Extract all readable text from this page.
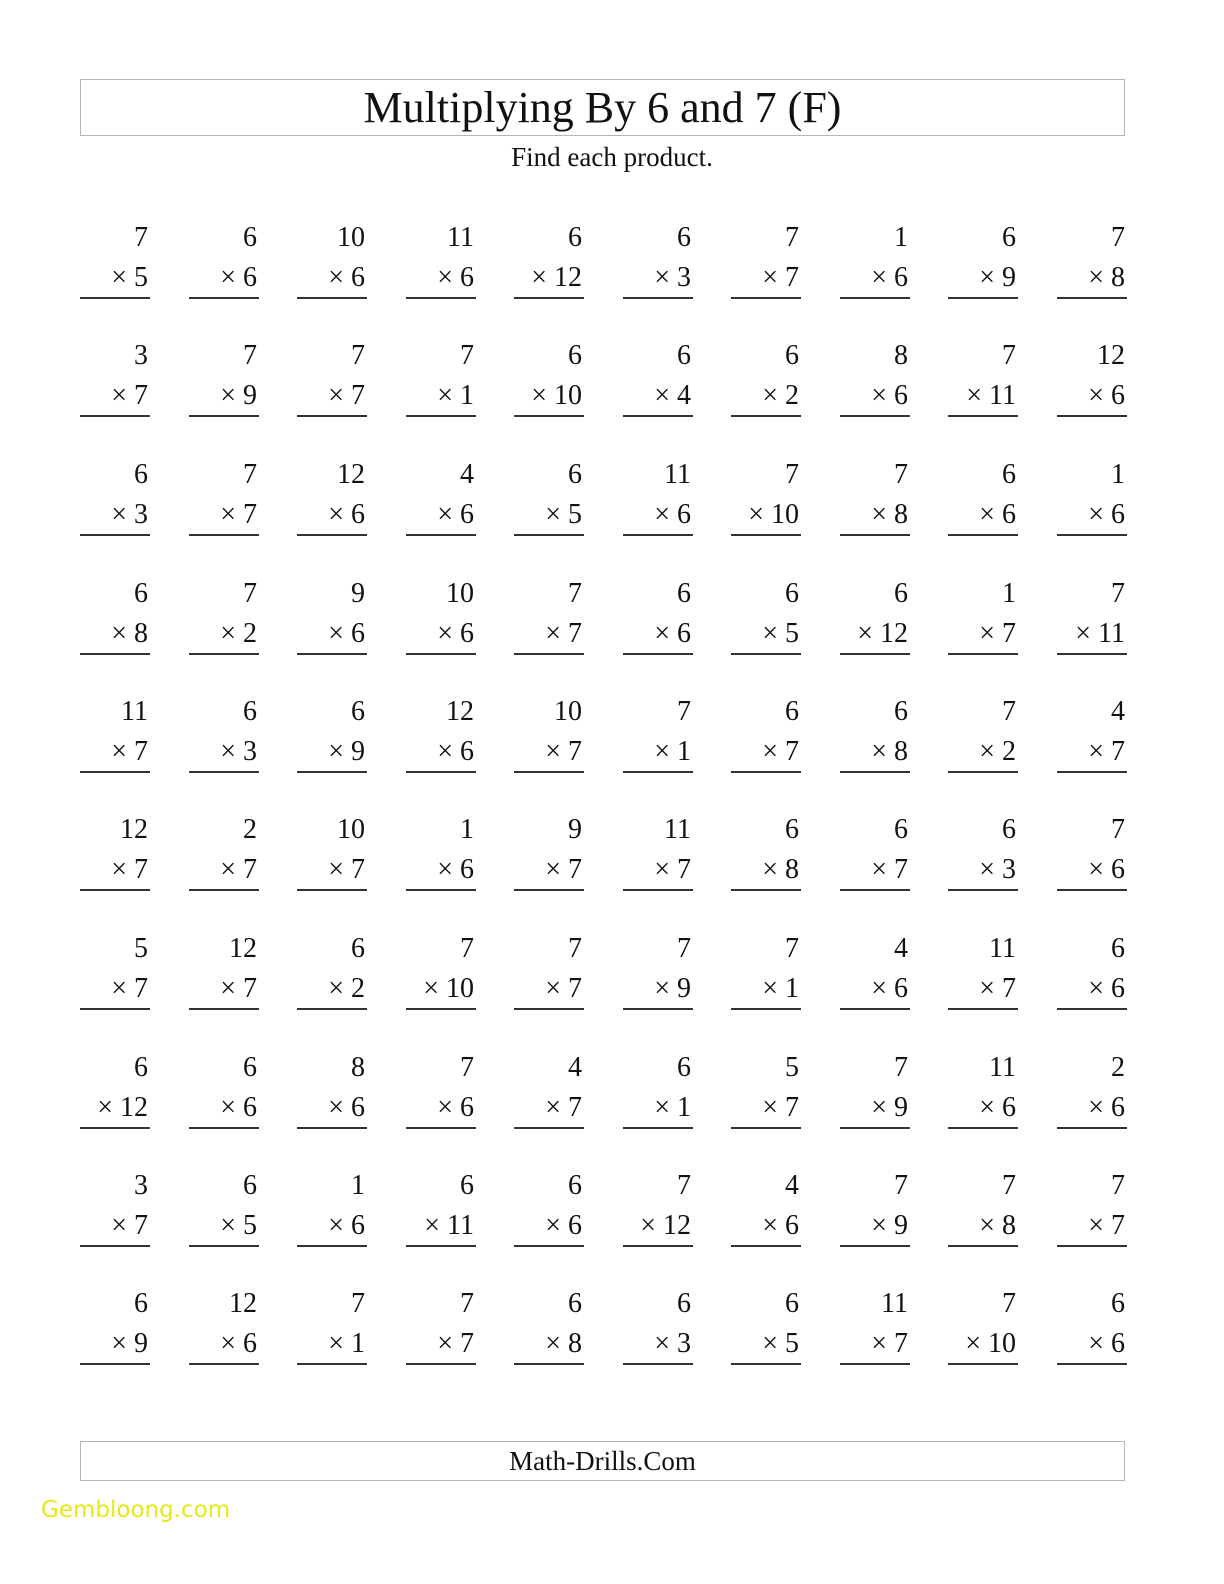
Multiplying By 6 and 7 (F)
Find each product.
7
× 5
6
× 6
10
× 6
11
× 6
6
× 12
6
× 3
7
× 7
1
× 6
6
× 9
7
× 8
3
× 7
7
× 9
7
× 7
7
× 1
6
× 10
6
× 4
6
× 2
8
× 6
7
× 11
12
× 6
6
× 3
7
× 7
12
× 6
4
× 6
6
× 5
11
× 6
7
× 10
7
× 8
6
× 6
1
× 6
6
× 8
7
× 2
9
× 6
10
× 6
7
× 7
6
× 6
6
× 5
6
× 12
1
× 7
7
× 11
11
× 7
6
× 3
6
× 9
12
× 6
10
× 7
7
× 1
6
× 7
6
× 8
7
× 2
4
× 7
12
× 7
2
× 7
10
× 7
1
× 6
9
× 7
11
× 7
6
× 8
6
× 7
6
× 3
7
× 6
5
× 7
12
× 7
6
× 2
7
× 10
7
× 7
7
× 9
7
× 1
4
× 6
11
× 7
6
× 6
6
× 12
6
× 6
8
× 6
7
× 6
4
× 7
6
× 1
5
× 7
7
× 9
11
× 6
2
× 6
3
× 7
6
× 5
1
× 6
6
× 11
6
× 6
7
× 12
4
× 6
7
× 9
7
× 8
7
× 7
6
× 9
12
× 6
7
× 1
7
× 7
6
× 8
6
× 3
6
× 5
11
× 7
7
× 10
6
× 6
Math-Drills.Com
Gembloong.com
